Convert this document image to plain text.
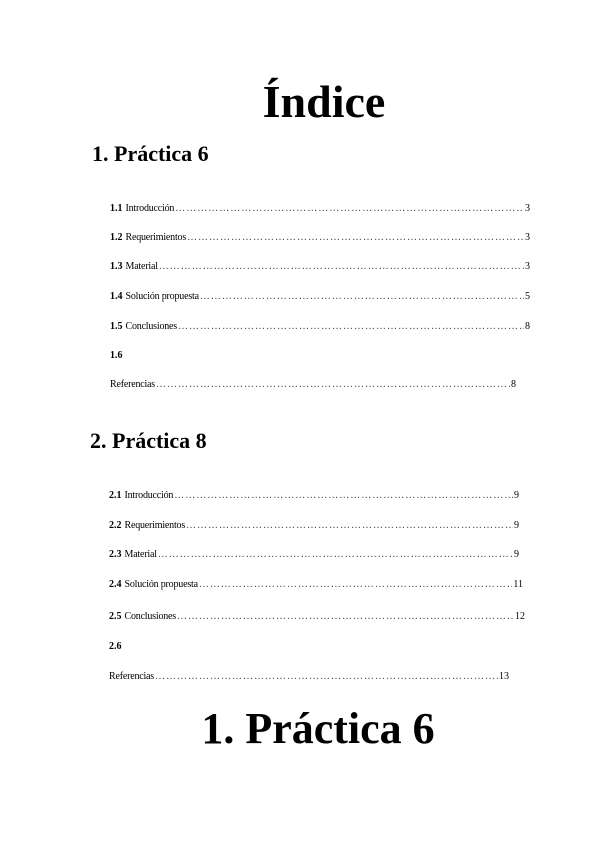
Índice
1. Práctica 6
1.1 Introducción ……………………………………………………………………………………………………………………………………………………………………	3
1.2 Requerimientos ……………………………………………………………………………………………………………………………………………………………………	3
1.3 Material ……………………………………………………………………………………………………………………………………………………………………	3
1.4 Solución propuesta ……………………………………………………………………………………………………………………………………………………………………	5
1.5 Conclusiones ……………………………………………………………………………………………………………………………………………………………………	8
1.6
Referencias ……………………………………………………………………………………………………………………………………………………………………	8
2. Práctica 8
2.1 Introducción ……………………………………………………………………………………………………………………………………………………………………	9
2.2 Requerimientos ……………………………………………………………………………………………………………………………………………………………………	9
2.3 Material ……………………………………………………………………………………………………………………………………………………………………	9
2.4 Solución propuesta ……………………………………………………………………………………………………………………………………………………………………	11
2.5 Conclusiones ……………………………………………………………………………………………………………………………………………………………………	12
2.6
Referencias ……………………………………………………………………………………………………………………………………………………………………	13
1. Práctica 6
